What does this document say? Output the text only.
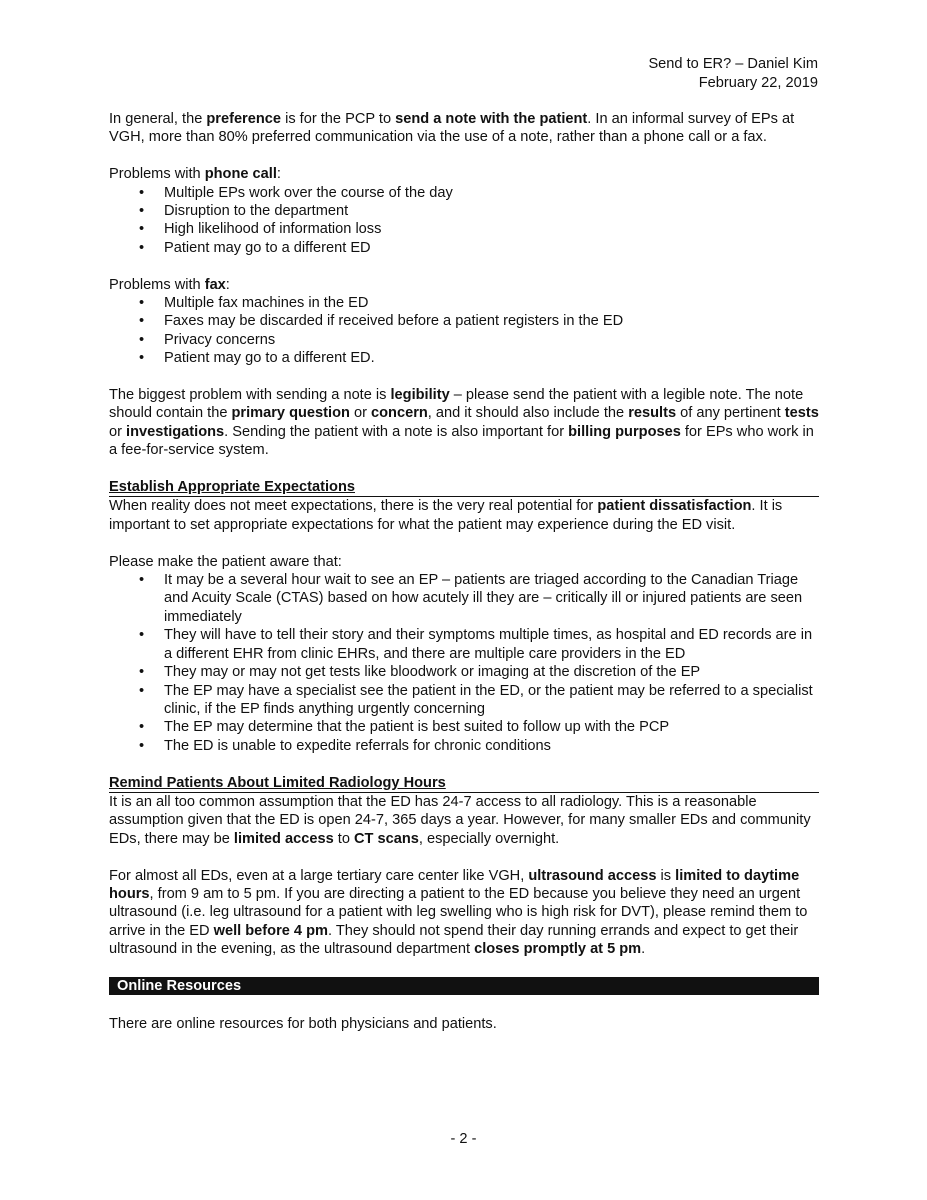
Send to ER? – Daniel Kim
February 22, 2019

In general, the preference is for the PCP to send a note with the patient. In an informal survey of EPs at VGH, more than 80% preferred communication via the use of a note, rather than a phone call or a fax.

Problems with phone call:

• Multiple EPs work over the course of the day
• Disruption to the department
• High likelihood of information loss
• Patient may go to a different ED

Problems with fax:

• Multiple fax machines in the ED
• Faxes may be discarded if received before a patient registers in the ED
• Privacy concerns
• Patient may go to a different ED.

The biggest problem with sending a note is legibility – please send the patient with a legible note. The note should contain the primary question or concern, and it should also include the results of any pertinent tests or investigations. Sending the patient with a note is also important for billing purposes for EPs who work in a fee-for-service system.

Establish Appropriate Expectations

When reality does not meet expectations, there is the very real potential for patient dissatisfaction. It is important to set appropriate expectations for what the patient may experience during the ED visit.

Please make the patient aware that:

• It may be a several hour wait to see an EP – patients are triaged according to the Canadian Triage and Acuity Scale (CTAS) based on how acutely ill they are – critically ill or injured patients are seen immediately
• They will have to tell their story and their symptoms multiple times, as hospital and ED records are in a different EHR from clinic EHRs, and there are multiple care providers in the ED
• They may or may not get tests like bloodwork or imaging at the discretion of the EP
• The EP may have a specialist see the patient in the ED, or the patient may be referred to a specialist clinic, if the EP finds anything urgently concerning
• The EP may determine that the patient is best suited to follow up with the PCP
• The ED is unable to expedite referrals for chronic conditions

Remind Patients About Limited Radiology Hours

It is an all too common assumption that the ED has 24-7 access to all radiology. This is a reasonable assumption given that the ED is open 24-7, 365 days a year. However, for many smaller EDs and community EDs, there may be limited access to CT scans, especially overnight.

For almost all EDs, even at a large tertiary care center like VGH, ultrasound access is limited to daytime hours, from 9 am to 5 pm. If you are directing a patient to the ED because you believe they need an urgent ultrasound (i.e. leg ultrasound for a patient with leg swelling who is high risk for DVT), please remind them to arrive in the ED well before 4 pm. They should not spend their day running errands and expect to get their ultrasound in the evening, as the ultrasound department closes promptly at 5 pm.

Online Resources

There are online resources for both physicians and patients.

- 2 -
